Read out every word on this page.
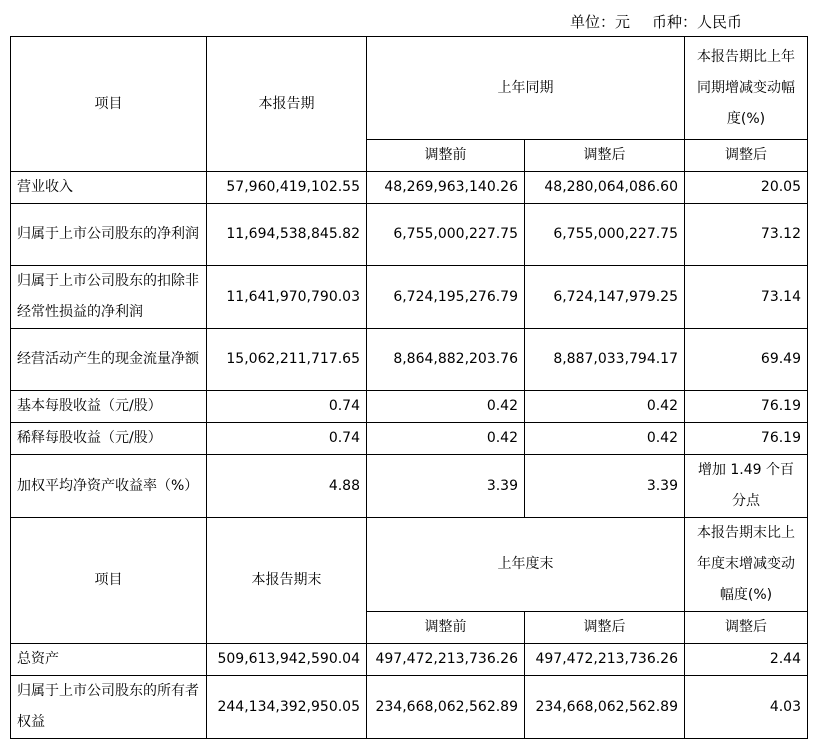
单位：元 币种：人民币
项目	本报告期	上年同期		本报告期比上年同期增减变动幅度(%)
		调整前	调整后	调整后
营业收入	57,960,419,102.55	48,269,963,140.26	48,280,064,086.60	20.05
归属于上市公司股东的净利润	11,694,538,845.82	6,755,000,227.75	6,755,000,227.75	73.12
归属于上市公司股东的扣除非经常性损益的净利润	11,641,970,790.03	6,724,195,276.79	6,724,147,979.25	73.14
经营活动产生的现金流量净额	15,062,211,717.65	8,864,882,203.76	8,887,033,794.17	69.49
基本每股收益（元/股）	0.74	0.42	0.42	76.19
稀释每股收益（元/股）	0.74	0.42	0.42	76.19
加权平均净资产收益率（%）	4.88	3.39	3.39	增加 1.49 个百分点
项目	本报告期末	上年度末		本报告期末比上年度末增减变动幅度(%)
		调整前	调整后	调整后
总资产	509,613,942,590.04	497,472,213,736.26	497,472,213,736.26	2.44
归属于上市公司股东的所有者权益	244,134,392,950.05	234,668,062,562.89	234,668,062,562.89	4.03
